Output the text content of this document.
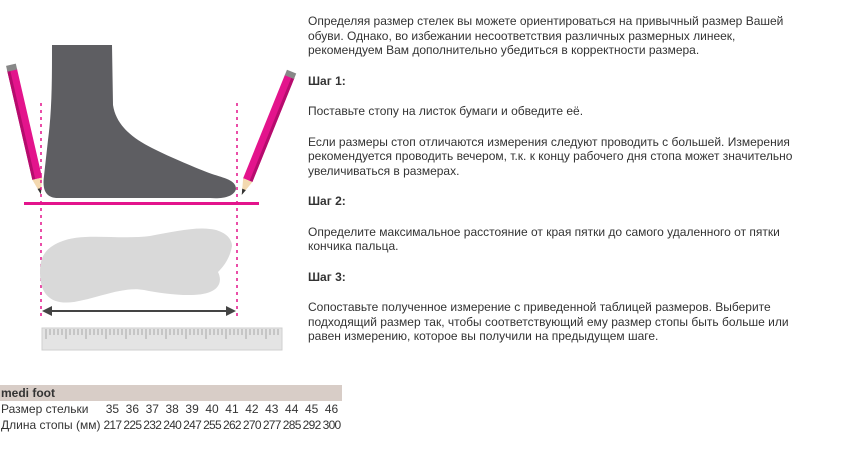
Определяя размер стелек вы можете ориентироваться на привычный размер Вашей обуви. Однако, во избежании несоответствия различных размерных линеек, рекомендуем Вам дополнительно убедиться в корректности размера.

Шаг 1:

Поставьте стопу на листок бумаги и обведите её.

Если размеры стоп отличаются измерения следуют проводить с большей. Измерения рекомендуется проводить вечером, т.к. к концу рабочего дня стопа может значительно увеличиваться в размерах.

Шаг 2:

Определите максимальное расстояние от края пятки до самого удаленного от пятки кончика пальца.

Шаг 3:

Сопоставьте полученное измерение с приведенной таблицей размеров. Выберите подходящий размер так, чтобы соответствующий ему размер стопы быть больше или равен измерению, которое вы получили на предыдущем шаге.

medi foot												
Размер стельки	35	36	37	38	39	40	41	42	43	44	45	46
Длина стопы (мм)	217	225	232	240	247	255	262	270	277	285	292	300
